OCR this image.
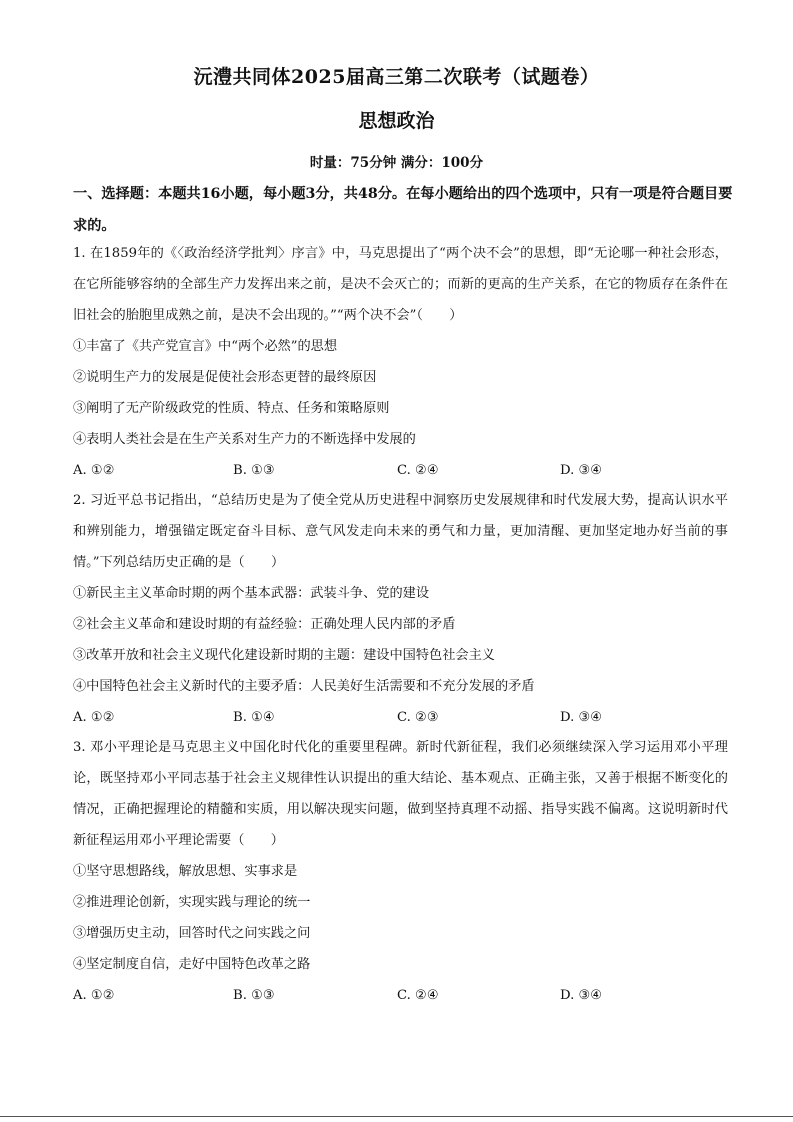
沅澧共同体2025届高三第二次联考（试题卷）
思想政治
时量：75分钟 满分：100分
一、选择题：本题共16小题，每小题3分，共48分。在每小题给出的四个选项中，只有一项是符合题目要求的。
1. 在1859年的《〈政治经济学批判〉序言》中，马克思提出了“两个决不会”的思想，即“无论哪一种社会形态，在它所能够容纳的全部生产力发挥出来之前，是决不会灭亡的；而新的更高的生产关系，在它的物质存在条件在旧社会的胎胞里成熟之前，是决不会出现的。”“两个决不会”（　　）
①丰富了《共产党宣言》中“两个必然”的思想
②说明生产力的发展是促使社会形态更替的最终原因
③阐明了无产阶级政党的性质、特点、任务和策略原则
④表明人类社会是在生产关系对生产力的不断选择中发展的
A. ①②	B. ①③	C. ②④	D. ③④
2. 习近平总书记指出，“总结历史是为了使全党从历史进程中洞察历史发展规律和时代发展大势，提高认识水平和辨别能力，增强锚定既定奋斗目标、意气风发走向未来的勇气和力量，更加清醒、更加坚定地办好当前的事情。”下列总结历史正确的是（　　）
①新民主主义革命时期的两个基本武器：武装斗争、党的建设
②社会主义革命和建设时期的有益经验：正确处理人民内部的矛盾
③改革开放和社会主义现代化建设新时期的主题：建设中国特色社会主义
④中国特色社会主义新时代的主要矛盾：人民美好生活需要和不充分发展的矛盾
A. ①②	B. ①④	C. ②③	D. ③④
3. 邓小平理论是马克思主义中国化时代化的重要里程碑。新时代新征程，我们必须继续深入学习运用邓小平理论，既坚持邓小平同志基于社会主义规律性认识提出的重大结论、基本观点、正确主张，又善于根据不断变化的情况，正确把握理论的精髓和实质，用以解决现实问题，做到坚持真理不动摇、指导实践不偏离。这说明新时代新征程运用邓小平理论需要（　　）
①坚守思想路线，解放思想、实事求是
②推进理论创新，实现实践与理论的统一
③增强历史主动，回答时代之问实践之问
④坚定制度自信，走好中国特色改革之路
A. ①②	B. ①③	C. ②④	D. ③④
